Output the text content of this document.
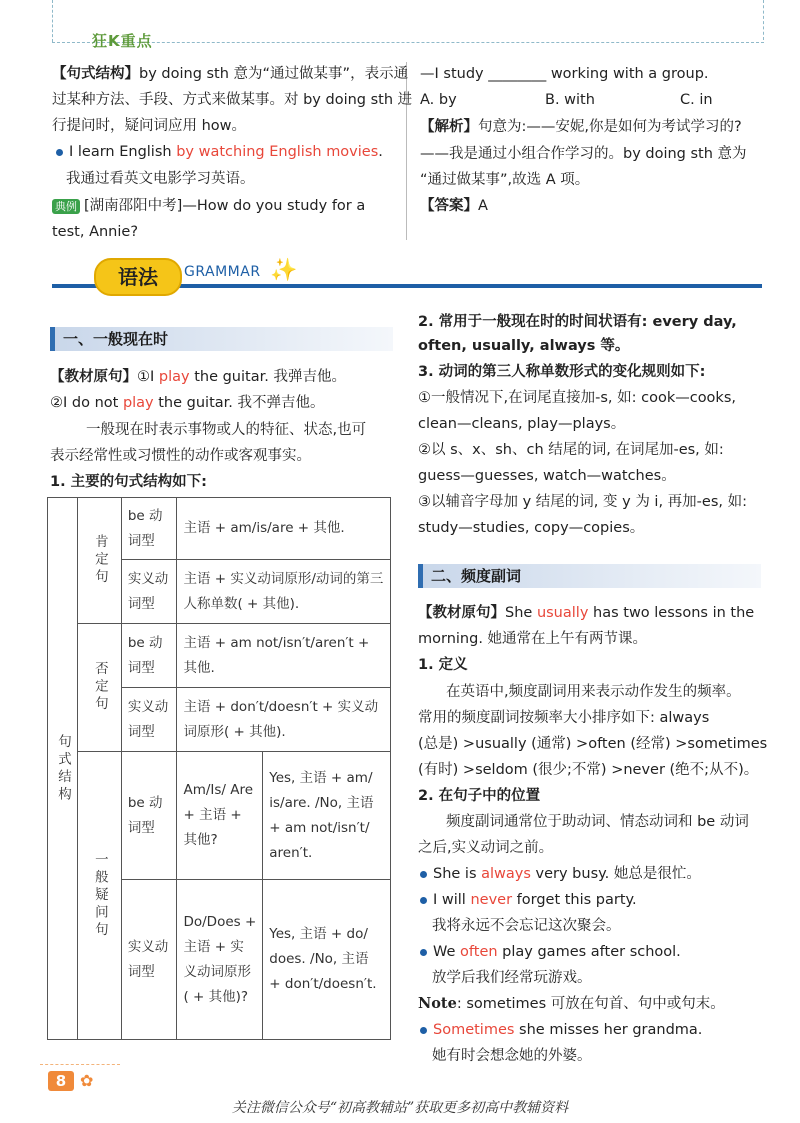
狂K重点
【句式结构】by doing sth 意为“通过做某事”，表示通
过某种方法、手段、方式来做某事。对 by doing sth 进
行提问时，疑问词应用 how。
I learn English by watching English movies.
我通过看英文电影学习英语。
典例 [湖南邵阳中考]—How do you study for a
test, Annie?
—I study ________ working with a group.
A. by	B. with	C. in
【解析】句意为:——安妮,你是如何为考试学习的?
——我是通过小组合作学习的。by doing sth 意为
“通过做某事”,故选 A 项。
【答案】A
语法	GRAMMAR ✨
一、一般现在时
【教材原句】①I play the guitar. 我弹吉他。
②I do not play the guitar. 我不弹吉他。
一般现在时表示事物或人的特征、状态,也可
表示经常性或习惯性的动作或客观事实。
1. 主要的句式结构如下:
句式结构	肯定句	be 动词型	主语 + am/is/are + 其他.	
		实义动词型	主语 + 实义动词原形/动词的第三人称单数( + 其他).	
	否定句	be 动词型	主语 + am not/isn′t/aren′t + 其他.	
		实义动词型	主语 + don′t/doesn′t + 实义动词原形( + 其他).	
	一般疑问句	be 动词型	Am/Is/ Are + 主语 + 其他?	Yes, 主语 + am/ is/are. /No, 主语 + am not/isn′t/ aren′t.
		实义动词型	Do/Does + 主语 + 实义动词原形 ( + 其他)?	Yes, 主语 + do/ does. /No, 主语 + don′t/doesn′t.
2. 常用于一般现在时的时间状语有: every day,
often, usually, always 等。
3. 动词的第三人称单数形式的变化规则如下:
①一般情况下,在词尾直接加-s, 如: cook—cooks,
clean—cleans, play—plays。
②以 s、x、sh、ch 结尾的词, 在词尾加-es, 如:
guess—guesses, watch—watches。
③以辅音字母加 y 结尾的词, 变 y 为 i, 再加-es, 如:
study—studies, copy—copies。
二、频度副词
【教材原句】She usually has two lessons in the
morning. 她通常在上午有两节课。
1. 定义
在英语中,频度副词用来表示动作发生的频率。
常用的频度副词按频率大小排序如下: always
(总是) >usually (通常) >often (经常) >sometimes
(有时) >seldom (很少;不常) >never (绝不;从不)。
2. 在句子中的位置
频度副词通常位于助动词、情态动词和 be 动词
之后,实义动词之前。
She is always very busy. 她总是很忙。
I will never forget this party.
我将永远不会忘记这次聚会。
We often play games after school.
放学后我们经常玩游戏。
Note: sometimes 可放在句首、句中或句末。
Sometimes she misses her grandma.
她有时会想念她的外婆。
8 ✿
关注微信公众号“初高教辅站”获取更多初高中教辅资料
